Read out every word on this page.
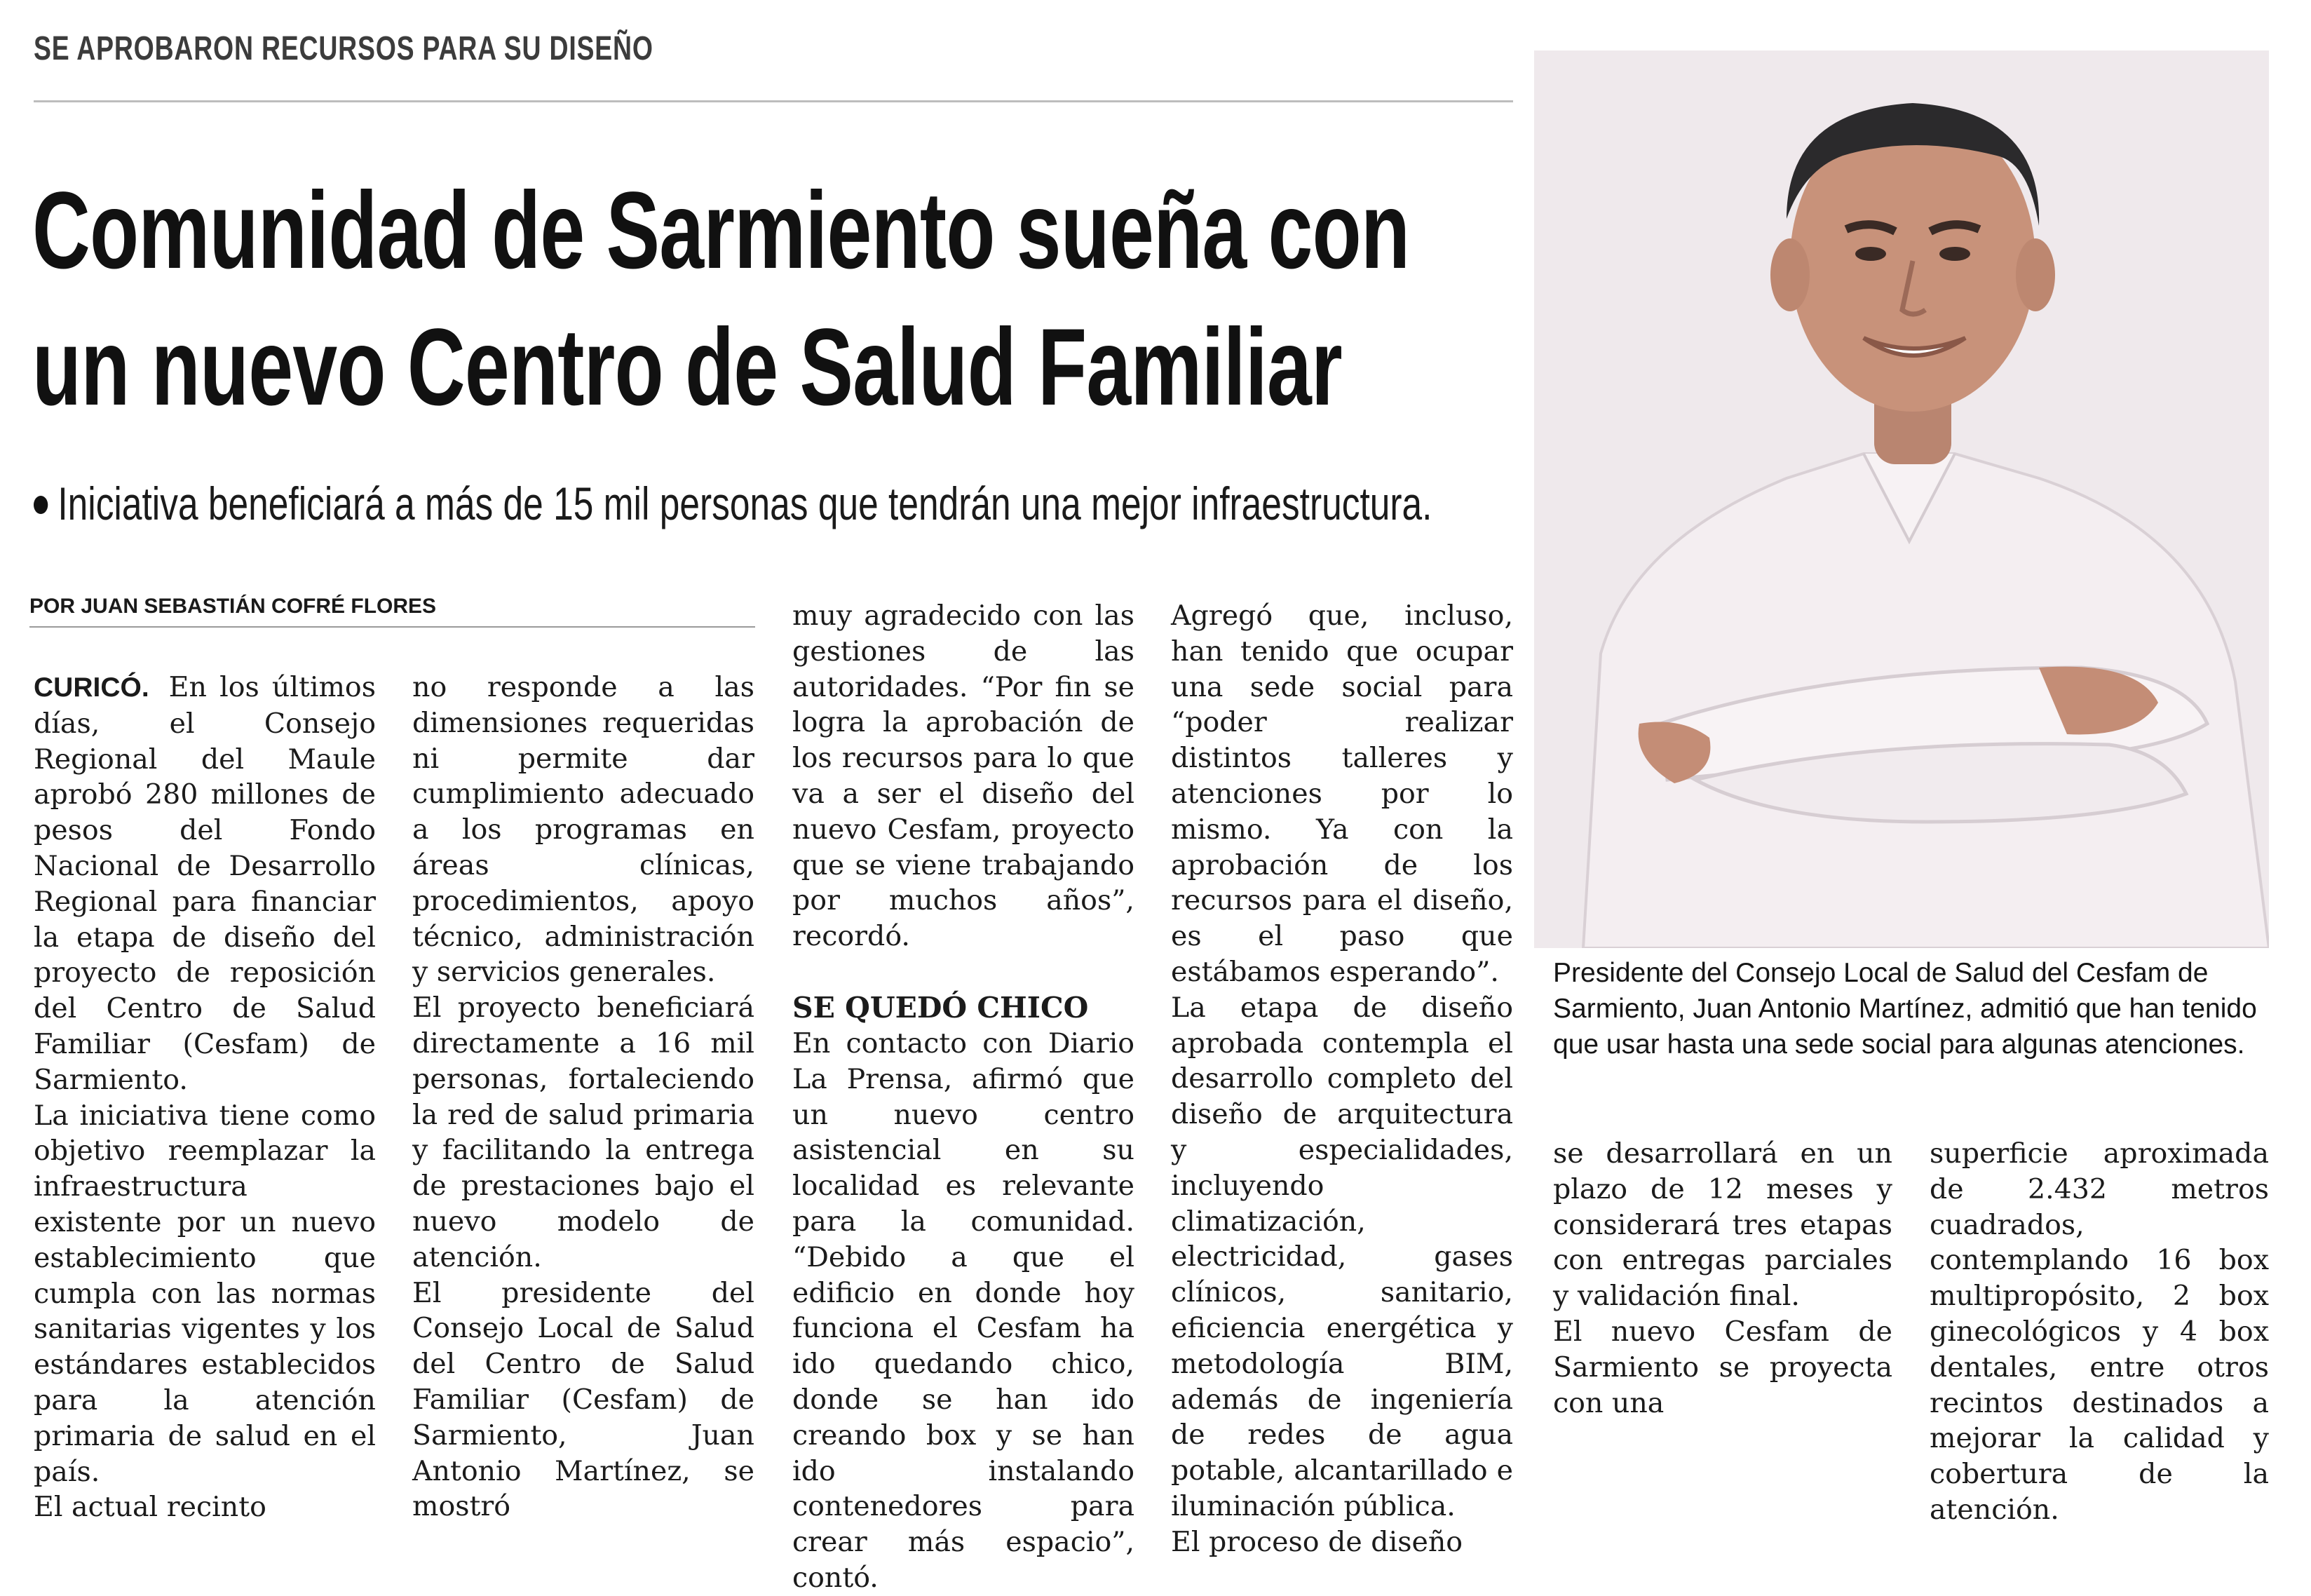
SE APROBARON RECURSOS PARA SU DISEÑO
Comunidad de Sarmiento sueña con
un nuevo Centro de Salud Familiar

Iniciativa beneficiará a más de 15 mil personas que tendrán una mejor infraestructura.

POR JUAN SEBASTIÁN COFRÉ FLORES

CURICÓ. En los últimos días, el Consejo Regional del Maule aprobó 280 millones de pesos del Fondo Nacional de Desarrollo Regional para financiar la etapa de diseño del proyecto de reposición del Centro de Salud Familiar (Cesfam) de Sarmiento.

La iniciativa tiene como objetivo reemplazar la infraestructura existente por un nuevo establecimiento que cumpla con las normas sanitarias vigentes y los estándares establecidos para la atención primaria de salud en el país.

El actual recinto

no responde a las dimensiones requeridas ni permite dar cumplimiento adecuado a los programas en áreas clínicas, procedimientos, apoyo técnico, administración y servicios generales.

El proyecto beneficiará directamente a 16 mil personas, fortaleciendo la red de salud primaria y facilitando la entrega de prestaciones bajo el nuevo modelo de atención.

El presidente del Consejo Local de Salud del Centro de Salud Familiar (Cesfam) de Sarmiento, Juan Antonio Martínez, se mostró

muy agradecido con las gestiones de las autoridades. “Por fin se logra la aprobación de los recursos para lo que va a ser el diseño del nuevo Cesfam, proyecto que se viene trabajando por muchos años”, recordó.

SE QUEDÓ CHICO

En contacto con Diario La Prensa, afirmó que un nuevo centro asistencial en su localidad es relevante para la comunidad. “Debido a que el edificio en donde hoy funciona el Cesfam ha ido quedando chico, donde se han ido creando box y se han ido instalando contenedores para crear más espacio”, contó.

Agregó que, incluso, han tenido que ocupar una sede social para “poder realizar distintos talleres y atenciones por lo mismo. Ya con la aprobación de los recursos para el diseño, es el paso que estábamos esperando”.

La etapa de diseño aprobada contempla el desarrollo completo del diseño de arquitectura y especialidades, incluyendo climatización, electricidad, gases clínicos, sanitario, eficiencia energética y metodología BIM, además de ingeniería de redes de agua potable, alcantarillado e iluminación pública.

El proceso de diseño

se desarrollará en un plazo de 12 meses y considerará tres etapas con entregas parciales y validación final.

El nuevo Cesfam de Sarmiento se proyecta con una

superficie aproximada de 2.432 metros cuadrados, contemplando 16 box multipropósito, 2 box ginecológicos y 4 box dentales, entre otros recintos destinados a mejorar la calidad y cobertura de la atención.

Presidente del Consejo Local de Salud del Cesfam de
Sarmiento, Juan Antonio Martínez, admitió que han tenido
que usar hasta una sede social para algunas atenciones.
